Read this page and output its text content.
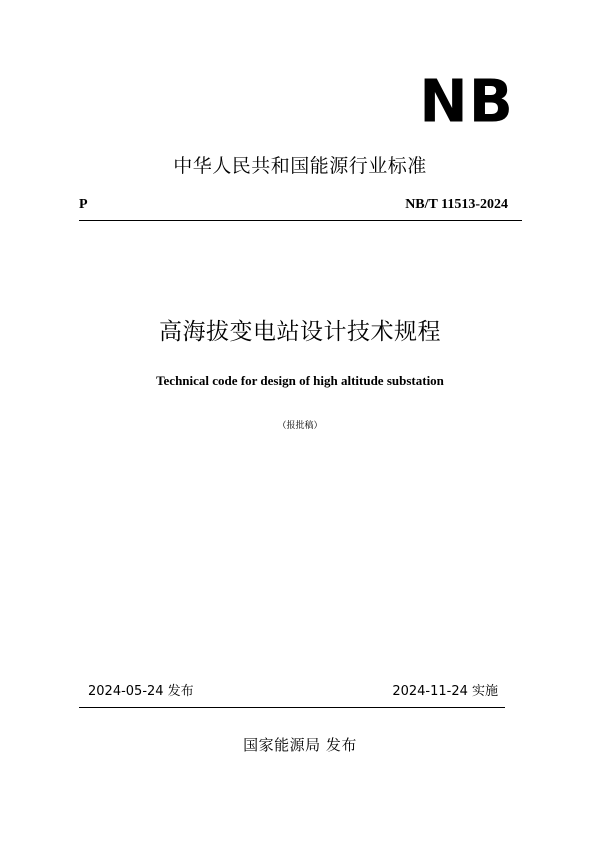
NB
中华人民共和国能源行业标准
P	NB/T 11513-2024
高海拔变电站设计技术规程
Technical code for design of high altitude substation
（报批稿）
2024-05-24 发布	2024-11-24 实施
国家能源局 发布
